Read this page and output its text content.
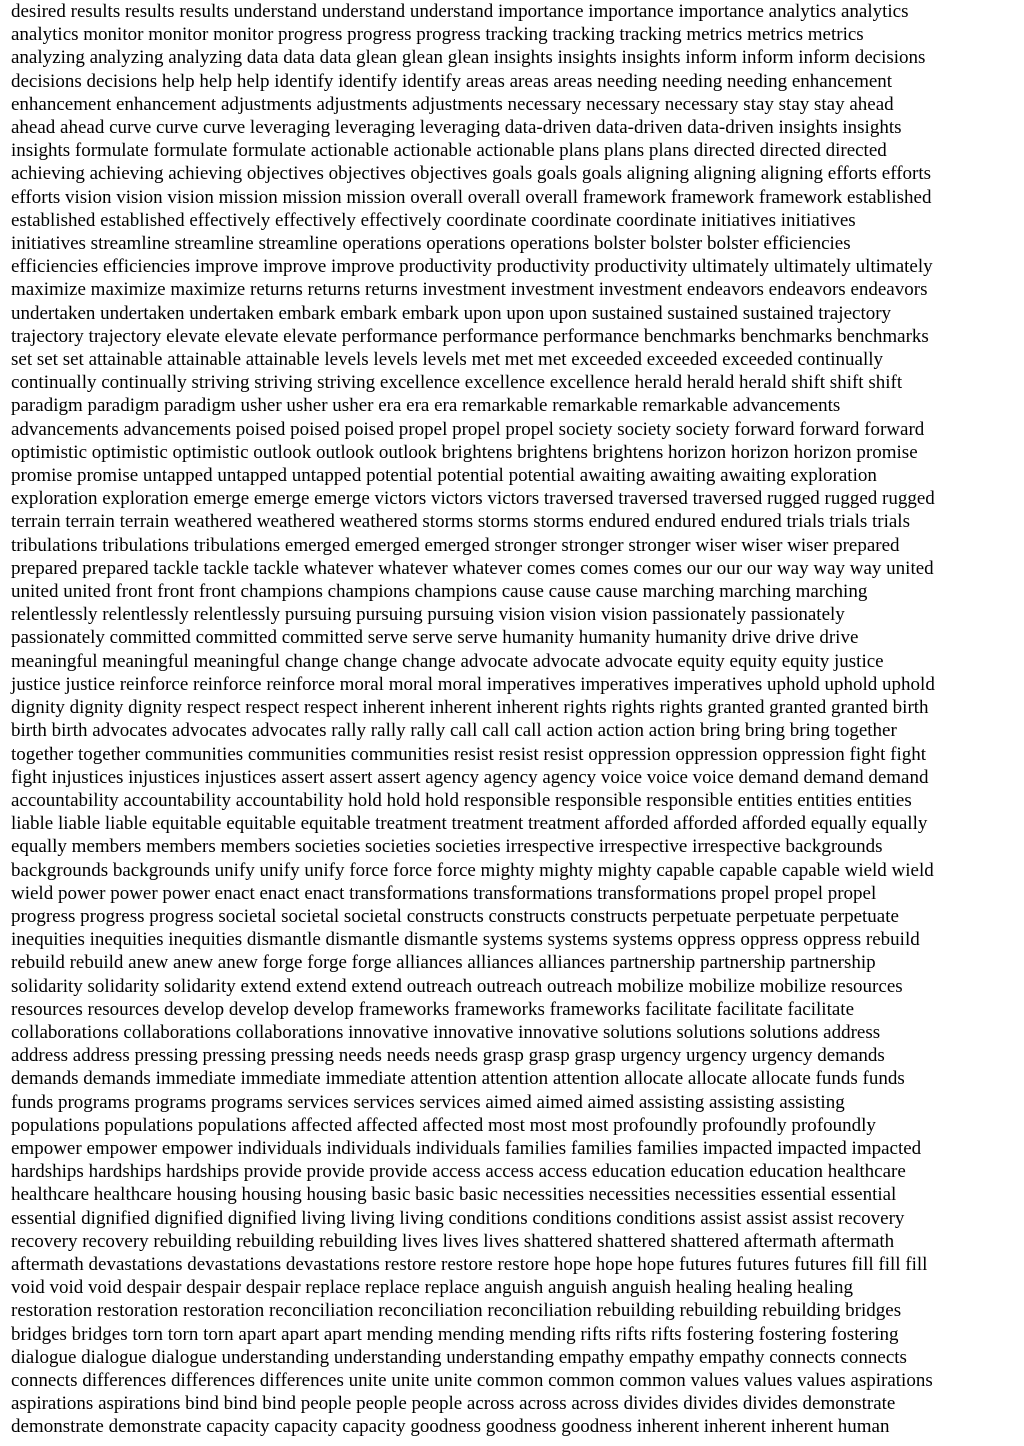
desired results results results understand understand understand importance importance importance analytics analytics
analytics monitor monitor monitor progress progress progress tracking tracking tracking metrics metrics metrics
analyzing analyzing analyzing data data data glean glean glean insights insights insights inform inform inform decisions
decisions decisions help help help identify identify identify areas areas areas needing needing needing enhancement
enhancement enhancement adjustments adjustments adjustments necessary necessary necessary stay stay stay ahead
ahead ahead curve curve curve leveraging leveraging leveraging data-driven data-driven data-driven insights insights
insights formulate formulate formulate actionable actionable actionable plans plans plans directed directed directed
achieving achieving achieving objectives objectives objectives goals goals goals aligning aligning aligning efforts efforts
efforts vision vision vision mission mission mission overall overall overall framework framework framework established
established established effectively effectively effectively coordinate coordinate coordinate initiatives initiatives
initiatives streamline streamline streamline operations operations operations bolster bolster bolster efficiencies
efficiencies efficiencies improve improve improve productivity productivity productivity ultimately ultimately ultimately
maximize maximize maximize returns returns returns investment investment investment endeavors endeavors endeavors
undertaken undertaken undertaken embark embark embark upon upon upon sustained sustained sustained trajectory
trajectory trajectory elevate elevate elevate performance performance performance benchmarks benchmarks benchmarks
set set set attainable attainable attainable levels levels levels met met met exceeded exceeded exceeded continually
continually continually striving striving striving excellence excellence excellence herald herald herald shift shift shift
paradigm paradigm paradigm usher usher usher era era era remarkable remarkable remarkable advancements
advancements advancements poised poised poised propel propel propel society society society forward forward forward
optimistic optimistic optimistic outlook outlook outlook brightens brightens brightens horizon horizon horizon promise
promise promise untapped untapped untapped potential potential potential awaiting awaiting awaiting exploration
exploration exploration emerge emerge emerge victors victors victors traversed traversed traversed rugged rugged rugged
terrain terrain terrain weathered weathered weathered storms storms storms endured endured endured trials trials trials
tribulations tribulations tribulations emerged emerged emerged stronger stronger stronger wiser wiser wiser prepared
prepared prepared tackle tackle tackle whatever whatever whatever comes comes comes our our our way way way united
united united front front front champions champions champions cause cause cause marching marching marching
relentlessly relentlessly relentlessly pursuing pursuing pursuing vision vision vision passionately passionately
passionately committed committed committed serve serve serve humanity humanity humanity drive drive drive
meaningful meaningful meaningful change change change advocate advocate advocate equity equity equity justice
justice justice reinforce reinforce reinforce moral moral moral imperatives imperatives imperatives uphold uphold uphold
dignity dignity dignity respect respect respect inherent inherent inherent rights rights rights granted granted granted birth
birth birth advocates advocates advocates rally rally rally call call call action action action bring bring bring together
together together communities communities communities resist resist resist oppression oppression oppression fight fight
fight injustices injustices injustices assert assert assert agency agency agency voice voice voice demand demand demand
accountability accountability accountability hold hold hold responsible responsible responsible entities entities entities
liable liable liable equitable equitable equitable treatment treatment treatment afforded afforded afforded equally equally
equally members members members societies societies societies irrespective irrespective irrespective backgrounds
backgrounds backgrounds unify unify unify force force force mighty mighty mighty capable capable capable wield wield
wield power power power enact enact enact transformations transformations transformations propel propel propel
progress progress progress societal societal societal constructs constructs constructs perpetuate perpetuate perpetuate
inequities inequities inequities dismantle dismantle dismantle systems systems systems oppress oppress oppress rebuild
rebuild rebuild anew anew anew forge forge forge alliances alliances alliances partnership partnership partnership
solidarity solidarity solidarity extend extend extend outreach outreach outreach mobilize mobilize mobilize resources
resources resources develop develop develop frameworks frameworks frameworks facilitate facilitate facilitate
collaborations collaborations collaborations innovative innovative innovative solutions solutions solutions address
address address pressing pressing pressing needs needs needs grasp grasp grasp urgency urgency urgency demands
demands demands immediate immediate immediate attention attention attention allocate allocate allocate funds funds
funds programs programs programs services services services aimed aimed aimed assisting assisting assisting
populations populations populations affected affected affected most most most profoundly profoundly profoundly
empower empower empower individuals individuals individuals families families families impacted impacted impacted
hardships hardships hardships provide provide provide access access access education education education healthcare
healthcare healthcare housing housing housing basic basic basic necessities necessities necessities essential essential
essential dignified dignified dignified living living living conditions conditions conditions assist assist assist recovery
recovery recovery rebuilding rebuilding rebuilding lives lives lives shattered shattered shattered aftermath aftermath
aftermath devastations devastations devastations restore restore restore hope hope hope futures futures futures fill fill fill
void void void despair despair despair replace replace replace anguish anguish anguish healing healing healing
restoration restoration restoration reconciliation reconciliation reconciliation rebuilding rebuilding rebuilding bridges
bridges bridges torn torn torn apart apart apart mending mending mending rifts rifts rifts fostering fostering fostering
dialogue dialogue dialogue understanding understanding understanding empathy empathy empathy connects connects
connects differences differences differences unite unite unite common common common values values values aspirations
aspirations aspirations bind bind bind people people people across across across divides divides divides demonstrate
demonstrate demonstrate capacity capacity capacity goodness goodness goodness inherent inherent inherent human
